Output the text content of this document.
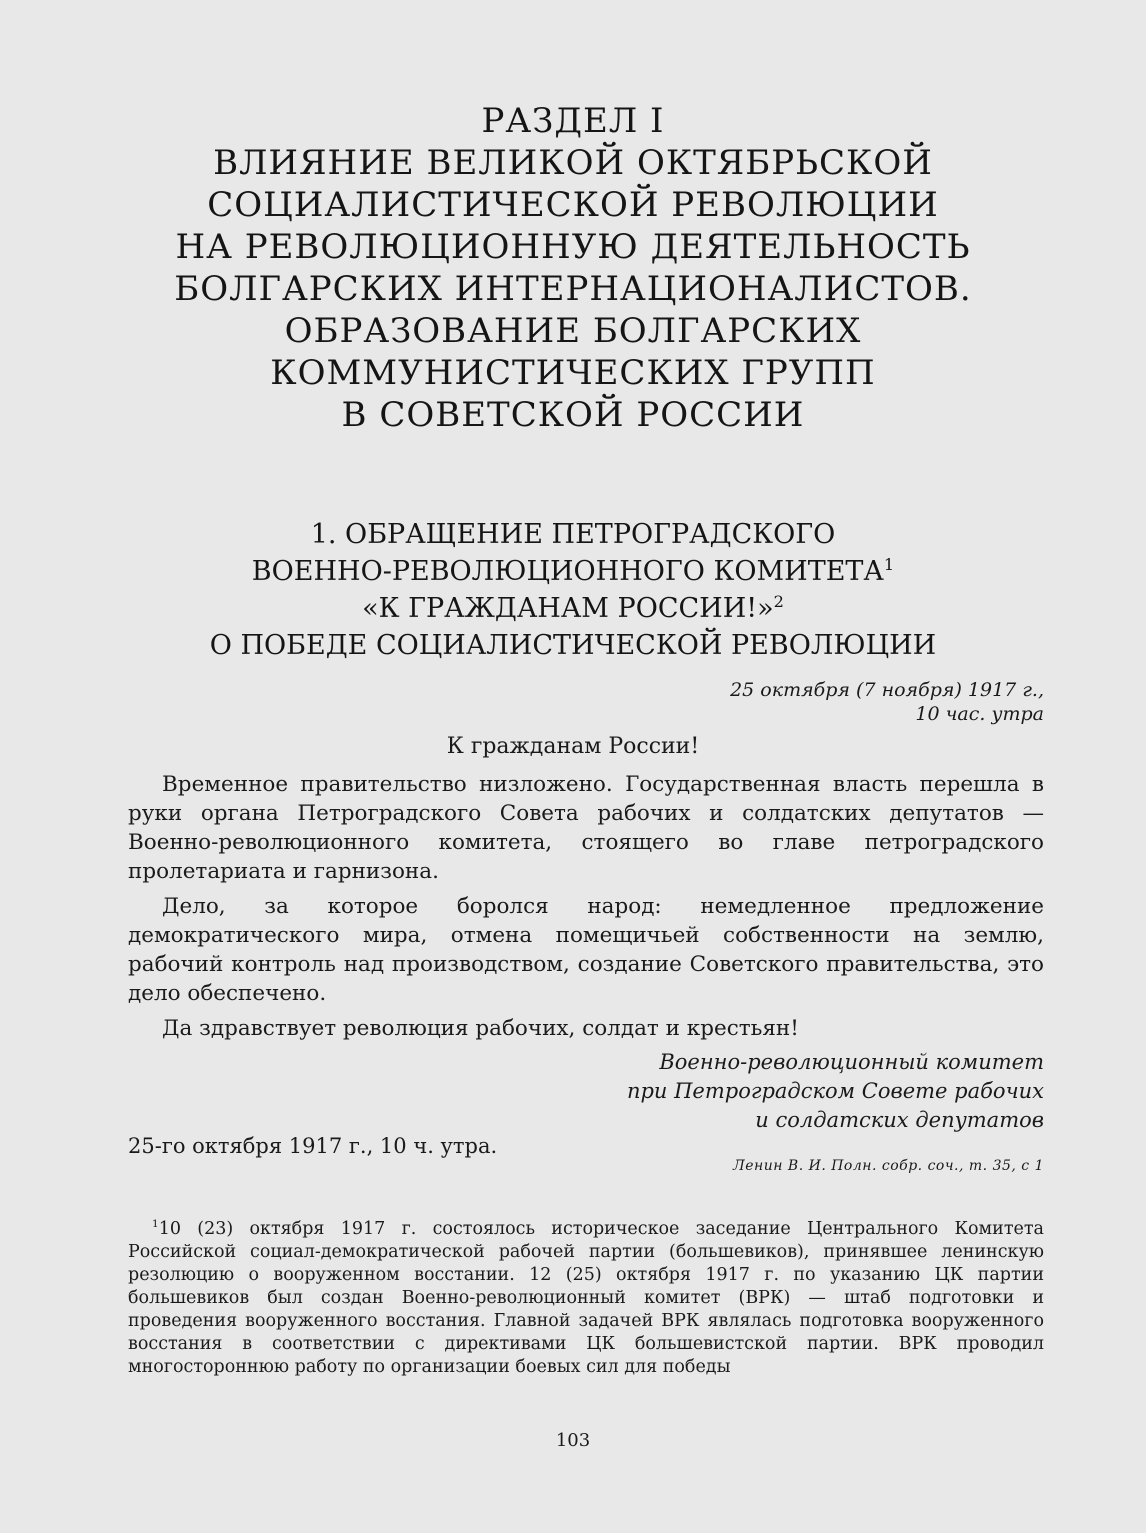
РАЗДЕЛ I
ВЛИЯНИЕ ВЕЛИКОЙ ОКТЯБРЬСКОЙ
СОЦИАЛИСТИЧЕСКОЙ РЕВОЛЮЦИИ
НА РЕВОЛЮЦИОННУЮ ДЕЯТЕЛЬНОСТЬ
БОЛГАРСКИХ ИНТЕРНАЦИОНАЛИСТОВ.
ОБРАЗОВАНИЕ БОЛГАРСКИХ
КОММУНИСТИЧЕСКИХ ГРУПП
В СОВЕТСКОЙ РОССИИ
1. ОБРАЩЕНИЕ ПЕТРОГРАДСКОГО
ВОЕННО-РЕВОЛЮЦИОННОГО КОМИТЕТА$^1$
«К ГРАЖДАНАМ РОССИИ!»$^2$
О ПОБЕДЕ СОЦИАЛИСТИЧЕСКОЙ РЕВОЛЮЦИИ
25 октября (7 ноября) 1917 г.,
10 час. утра
К гражданам России!

Временное правительство низложено. Государственная власть перешла в руки органа Петроградского Совета рабочих и солдатских депутатов — Военно-революционного комитета, стоящего во главе петроградского пролетариата и гарнизона.

Дело, за которое боролся народ: немедленное предложение демократического мира, отмена помещичьей собственности на землю, рабочий контроль над производством, создание Советского правительства, это дело обеспечено.

Да здравствует революция рабочих, солдат и крестьян!

Военно-революционный комитет
при Петроградском Совете рабочих
и солдатских депутатов
25-го октября 1917 г., 10 ч. утра.
Ленин В. И. Полн. собр. соч., т. 35, с 1

$^1$10 (23) октября 1917 г. состоялось историческое заседание Центрального Комитета Российской социал-демократической рабочей партии (большевиков), принявшее ленинскую резолюцию о вооруженном восстании. 12 (25) октября 1917 г. по указанию ЦК партии большевиков был создан Военно-революционный комитет (ВРК) — штаб подготовки и проведения вооруженного восстания. Главной задачей ВРК являлась подготовка вооруженного восстания в соответствии с директивами ЦК большевистской партии. ВРК проводил многостороннюю работу по организации боевых сил для победы

103
